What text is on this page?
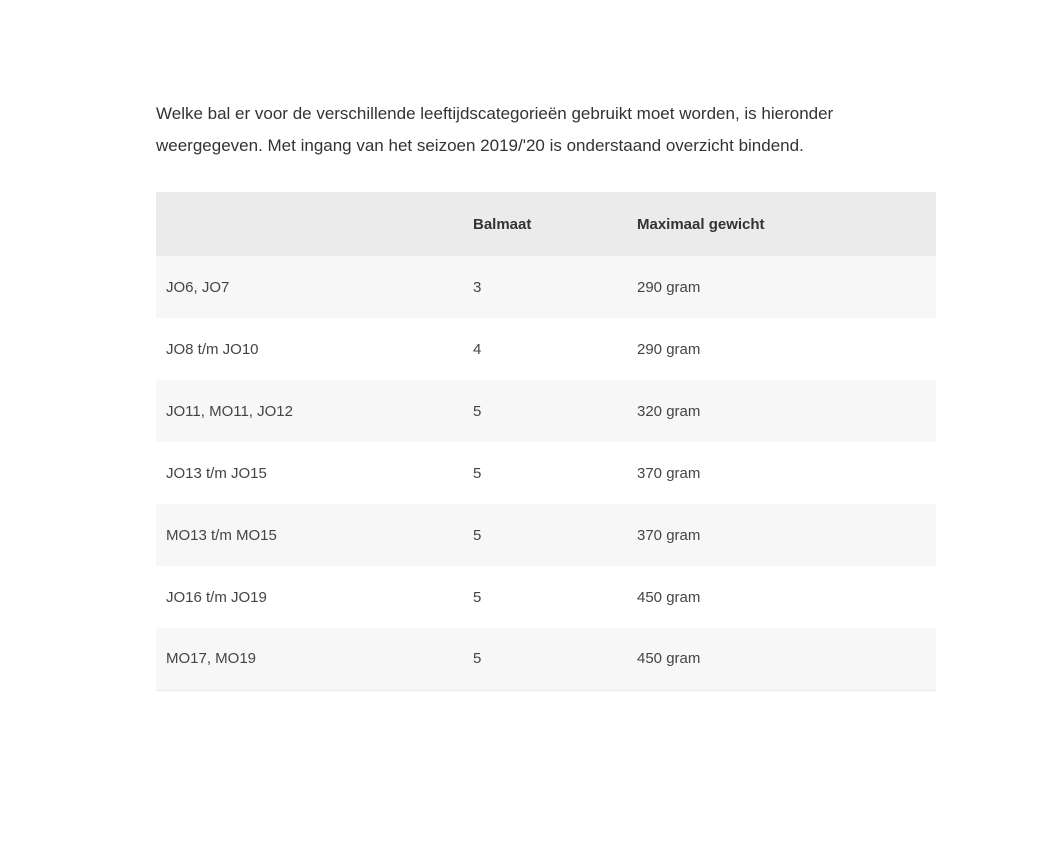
Welke bal er voor de verschillende leeftijdscategorieën gebruikt moet worden, is hieronder weergegeven. Met ingang van het seizoen 2019/'20 is onderstaand overzicht bindend.

	Balmaat	Maximaal gewicht
JO6, JO7	3	290 gram
JO8 t/m JO10	4	290 gram
JO11, MO11, JO12	5	320 gram
JO13 t/m JO15	5	370 gram
MO13 t/m MO15	5	370 gram
JO16 t/m JO19	5	450 gram
MO17, MO19	5	450 gram
